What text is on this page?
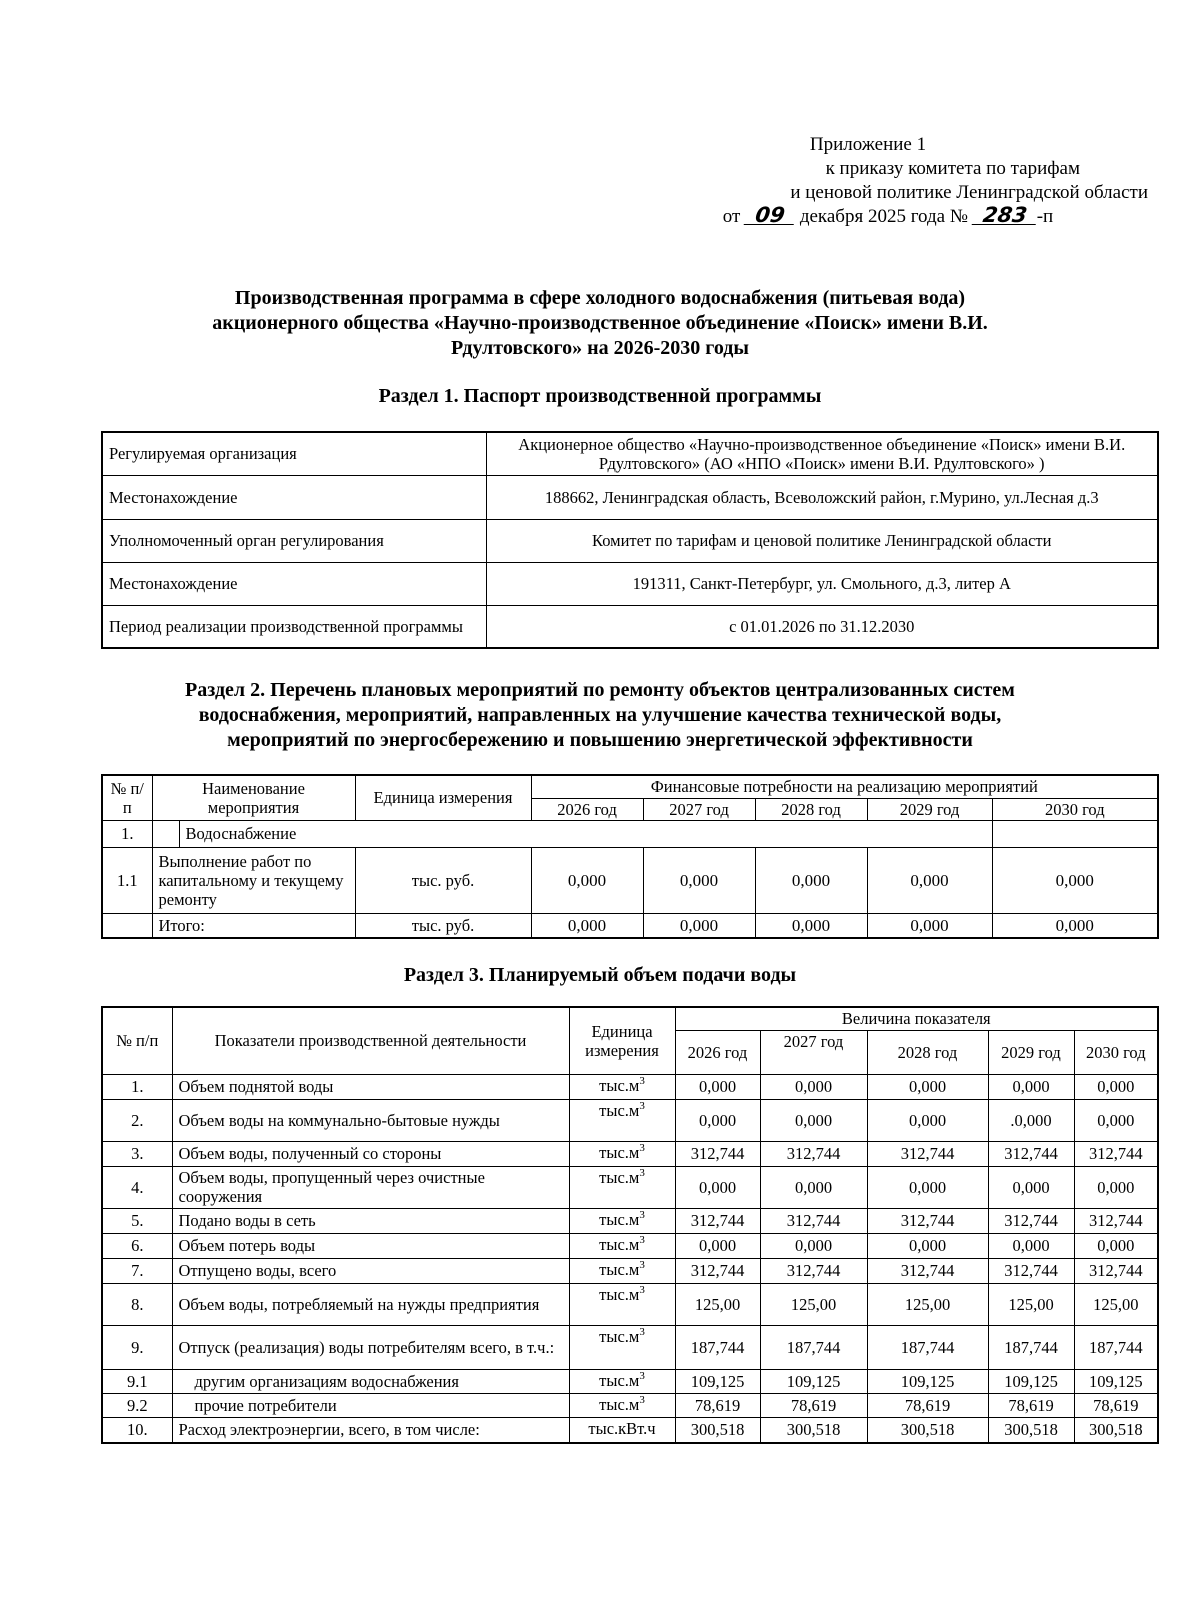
Приложение 1
к приказу комитета по тарифам
и ценовой политике Ленинградской области
от 09 декабря 2025 года № 283 -п
Производственная программа в сфере холодного водоснабжения (питьевая вода)
акционерного общества «Научно-производственное объединение «Поиск» имени В.И.
Рдултовского» на 2026-2030 годы
Раздел 1. Паспорт производственной программы
Регулируемая организация	Акционерное общество «Научно-производственное объединение «Поиск» имени В.И. Рдултовского» (АО «НПО «Поиск» имени В.И. Рдултовского» )
Местонахождение	188662, Ленинградская область, Всеволожский район, г.Мурино, ул.Лесная д.3
Уполномоченный орган регулирования	Комитет по тарифам и ценовой политике Ленинградской области
Местонахождение	191311, Санкт-Петербург, ул. Смольного, д.3, литер А
Период реализации производственной программы	с 01.01.2026 по 31.12.2030
Раздел 2. Перечень плановых мероприятий по ремонту объектов централизованных систем
водоснабжения, мероприятий, направленных на улучшение качества технической воды,
мероприятий по энергосбережению и повышению энергетической эффективности
№ п/п	Наименование мероприятия		Единица измерения	Финансовые потребности на реализацию мероприятий				
				2026 год	2027 год	2028 год	2029 год	2030 год
1.		Водоснабжение						
1.1	Выполнение работ по капитальному и текущему ремонту		тыс. руб.	0,000	0,000	0,000	0,000	0,000
	Итого:		тыс. руб.	0,000	0,000	0,000	0,000	0,000
Раздел 3. Планируемый объем подачи воды
№ п/п	Показатели производственной деятельности	Единица измерения	Величина показателя				
			2026 год	2027 год	2028 год	2029 год	2030 год
1.	Объем поднятой воды	$тыс.м^3$	0,000	0,000	0,000	0,000	0,000
2.	Объем воды на коммунально-бытовые нужды	$тыс.м^3$	0,000	0,000	0,000	.0,000	0,000
3.	Объем воды, полученный со стороны	$тыс.м^3$	312,744	312,744	312,744	312,744	312,744
4.	Объем воды, пропущенный через очистные сооружения	$тыс.м^3$	0,000	0,000	0,000	0,000	0,000
5.	Подано воды в сеть	$тыс.м^3$	312,744	312,744	312,744	312,744	312,744
6.	Объем потерь воды	$тыс.м^3$	0,000	0,000	0,000	0,000	0,000
7.	Отпущено воды, всего	$тыс.м^3$	312,744	312,744	312,744	312,744	312,744
8.	Объем воды, потребляемый на нужды предприятия	$тыс.м^3$	125,00	125,00	125,00	125,00	125,00
9.	Отпуск (реализация) воды потребителям всего, в т.ч.:	$тыс.м^3$	187,744	187,744	187,744	187,744	187,744
9.1	другим организациям водоснабжения	$тыс.м^3$	109,125	109,125	109,125	109,125	109,125
9.2	прочие потребители	$тыс.м^3$	78,619	78,619	78,619	78,619	78,619
10.	Расход электроэнергии, всего, в том числе:	тыс.кВт.ч	300,518	300,518	300,518	300,518	300,518
